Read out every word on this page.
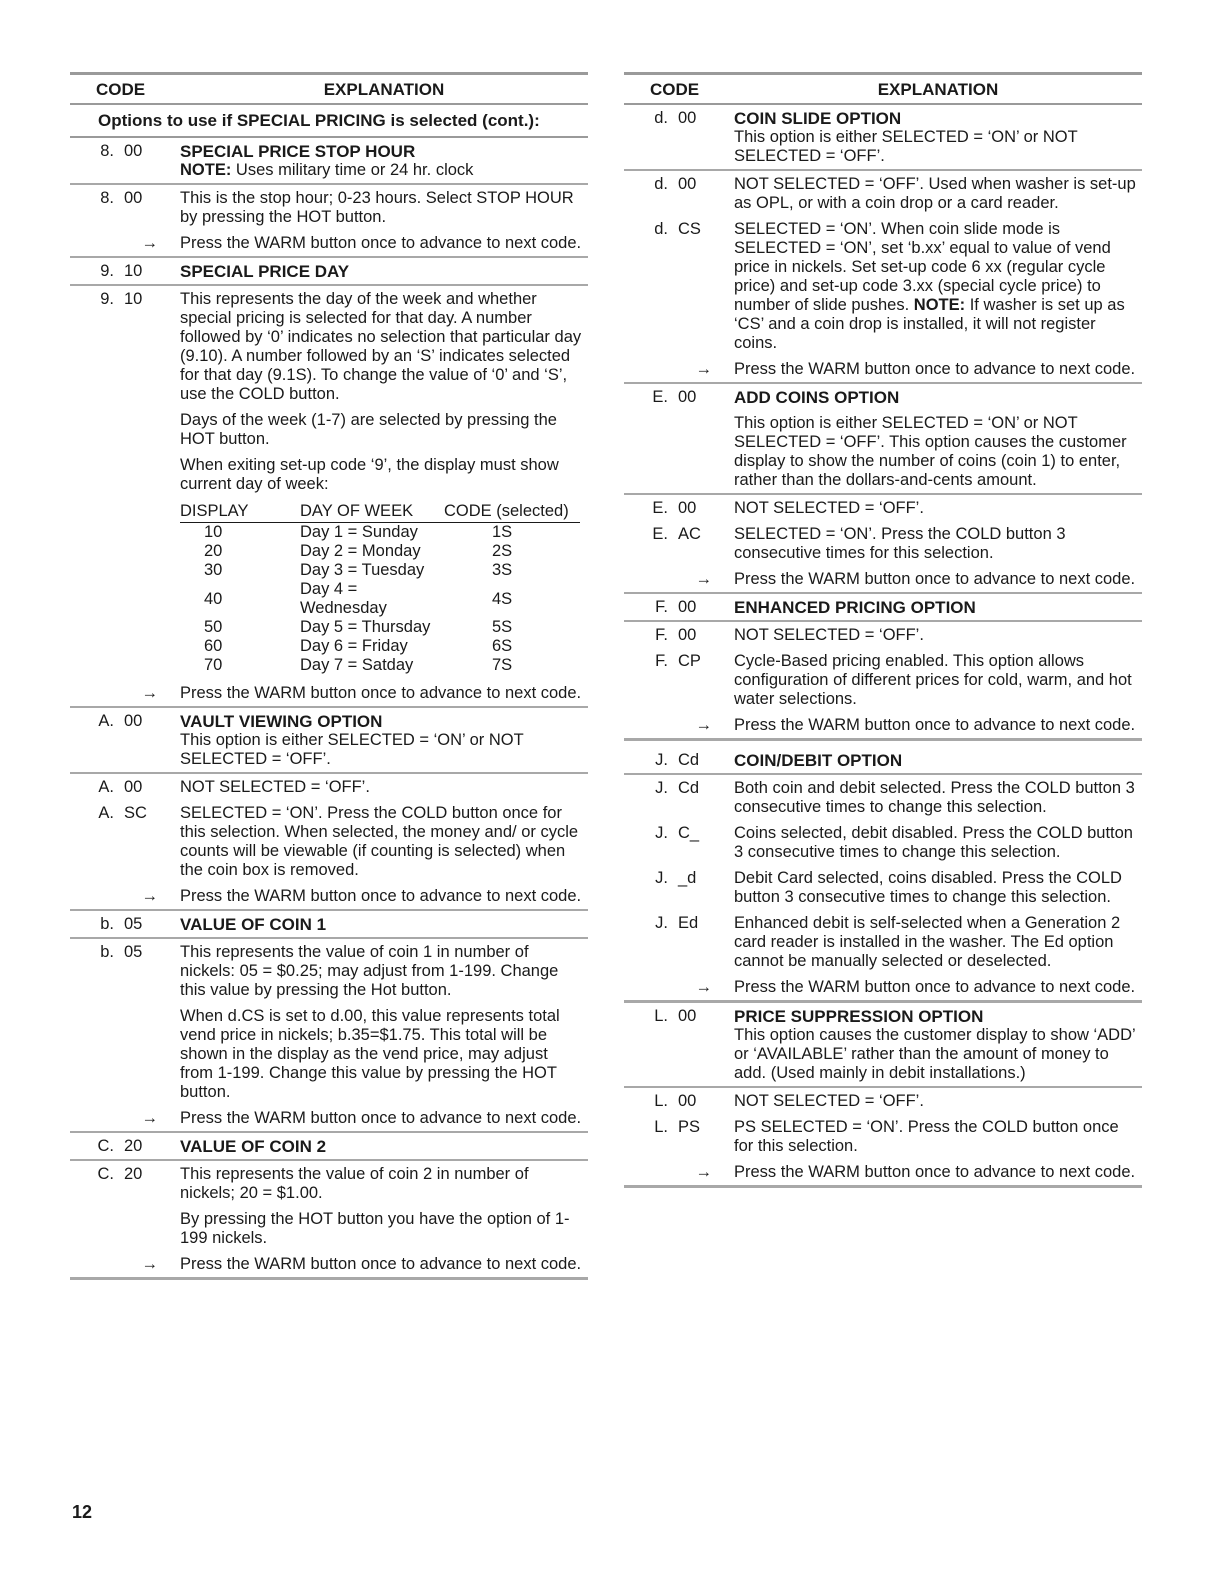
CODE	EXPLANATION
Options to use if SPECIAL PRICING is selected (cont.):
8. 00	SPECIAL PRICE STOP HOUR
NOTE: Uses military time or 24 hr. clock
8. 00	This is the stop hour; 0-23 hours. Select STOP HOUR by pressing the HOT button.
→	Press the WARM button once to advance to next code.
9. 10	SPECIAL PRICE DAY
9. 10	This represents the day of the week and whether special pricing is selected for that day. A number followed by ‘0’ indicates no selection that particular day (9.10). A number followed by an ‘S’ indicates selected for that day (9.1S). To change the value of ‘0’ and ‘S’, use the COLD button.

Days of the week (1-7) are selected by pressing the HOT button.

When exiting set-up code ‘9’, the display must show current day of week:

DISPLAY	DAY OF WEEK	CODE (selected)
10	Day 1 = Sunday	1S
20	Day 2 = Monday	2S
30	Day 3 = Tuesday	3S
40	Day 4 = Wednesday	4S
50	Day 5 = Thursday	5S
60	Day 6 = Friday	6S
70	Day 7 = Satday	7S
→	Press the WARM button once to advance to next code.
A. 00	VAULT VIEWING OPTION
This option is either SELECTED = ‘ON’ or NOT SELECTED = ‘OFF’.
A. 00	NOT SELECTED = ‘OFF’.
A. SC	SELECTED = ‘ON’. Press the COLD button once for this selection. When selected, the money and/ or cycle counts will be viewable (if counting is selected) when the coin box is removed.
→	Press the WARM button once to advance to next code.
b. 05	VALUE OF COIN 1
b. 05	This represents the value of coin 1 in number of nickels: 05 = $0.25; may adjust from 1-199. Change this value by pressing the Hot button.

When d.CS is set to d.00, this value represents total vend price in nickels; b.35=$1.75. This total will be shown in the display as the vend price, may adjust from 1-199. Change this value by pressing the HOT button.

→	Press the WARM button once to advance to next code.
C. 20	VALUE OF COIN 2
C. 20	This represents the value of coin 2 in number of nickels; 20 = $1.00.

By pressing the HOT button you have the option of 1-199 nickels.

→	Press the WARM button once to advance to next code.
CODE	EXPLANATION
d. 00	COIN SLIDE OPTION
This option is either SELECTED = ‘ON’ or NOT SELECTED = ‘OFF’.
d. 00	NOT SELECTED = ‘OFF’. Used when washer is set-up as OPL, or with a coin drop or a card reader.
d. CS	SELECTED = ‘ON’. When coin slide mode is SELECTED = ‘ON’, set ‘b.xx’ equal to value of vend price in nickels. Set set-up code 6 xx (regular cycle price) and set-up code 3.xx (special cycle price) to number of slide pushes. NOTE: If washer is set up as ‘CS’ and a coin drop is installed, it will not register coins.
→	Press the WARM button once to advance to next code.
E. 00	ADD COINS OPTION

This option is either SELECTED = ‘ON’ or NOT SELECTED = ‘OFF’. This option causes the customer display to show the number of coins (coin 1) to enter, rather than the dollars-and-cents amount.

E. 00	NOT SELECTED = ‘OFF’.
E. AC	SELECTED = ‘ON’. Press the COLD button 3 consecutive times for this selection.
→	Press the WARM button once to advance to next code.
F. 00	ENHANCED PRICING OPTION
F. 00	NOT SELECTED = ‘OFF’.
F. CP	Cycle-Based pricing enabled. This option allows configuration of different prices for cold, warm, and hot water selections.
→	Press the WARM button once to advance to next code.
J. Cd	COIN/DEBIT OPTION
J. Cd	Both coin and debit selected. Press the COLD button 3 consecutive times to change this selection.
J. C_	Coins selected, debit disabled. Press the COLD button 3 consecutive times to change this selection.
J. _d	Debit Card selected, coins disabled. Press the COLD button 3 consecutive times to change this selection.
J. Ed	Enhanced debit is self-selected when a Generation 2 card reader is installed in the washer. The Ed option cannot be manually selected or deselected.
→	Press the WARM button once to advance to next code.
L. 00	PRICE SUPPRESSION OPTION
This option causes the customer display to show ‘ADD’ or ‘AVAILABLE’ rather than the amount of money to add. (Used mainly in debit installations.)
L. 00	NOT SELECTED = ‘OFF’.
L. PS	PS SELECTED = ‘ON’. Press the COLD button once for this selection.
→	Press the WARM button once to advance to next code.
12
